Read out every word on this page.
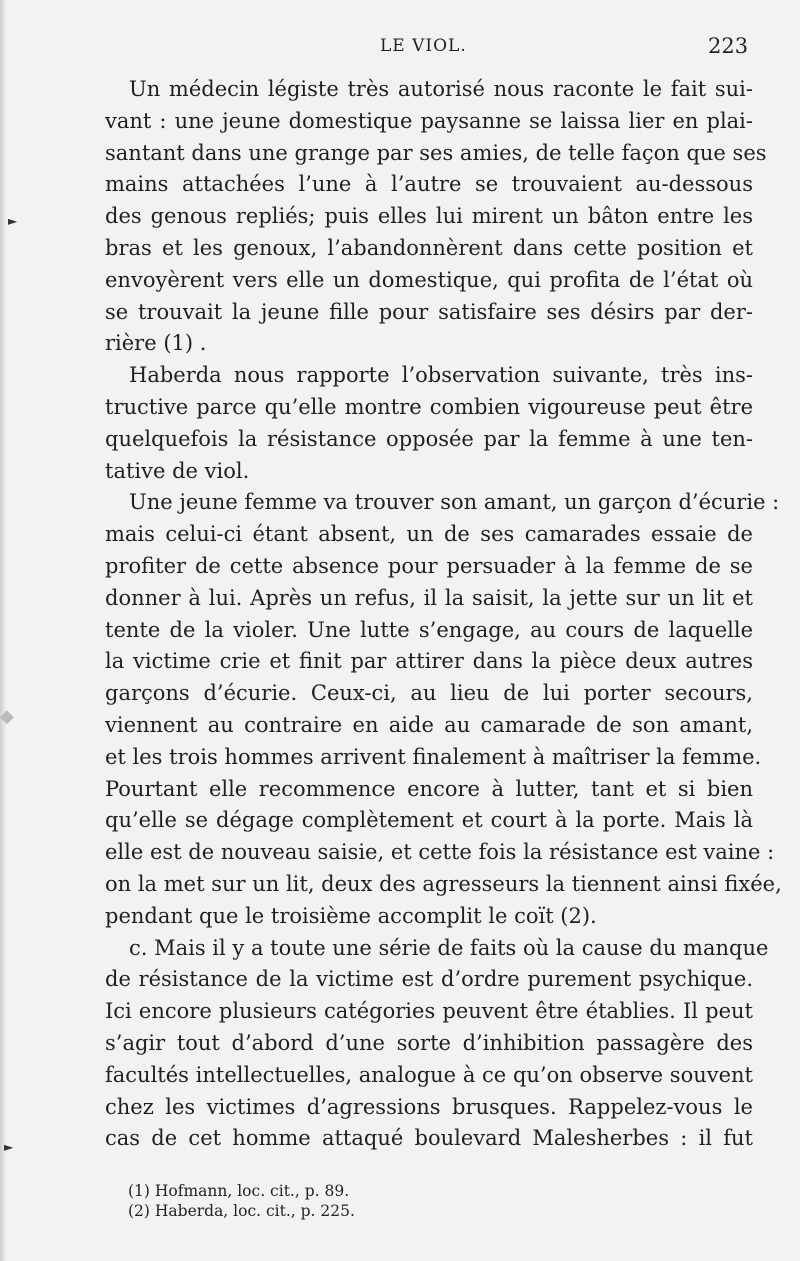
LE VIOL.	223
Un médecin légiste très autorisé nous raconte le fait sui-
vant : une jeune domestique paysanne se laissa lier en plai-
santant dans une grange par ses amies, de telle façon que ses
mains attachées l’une à l’autre se trouvaient au-dessous
des genous repliés; puis elles lui mirent un bâton entre les
bras et les genoux, l’abandonnèrent dans cette position et
envoyèrent vers elle un domestique, qui profita de l’état où
se trouvait la jeune fille pour satisfaire ses désirs par der-
rière (1) .
Haberda nous rapporte l’observation suivante, très ins-
tructive parce qu’elle montre combien vigoureuse peut être
quelquefois la résistance opposée par la femme à une ten-
tative de viol.
Une jeune femme va trouver son amant, un garçon d’écurie :
mais celui-ci étant absent, un de ses camarades essaie de
profiter de cette absence pour persuader à la femme de se
donner à lui. Après un refus, il la saisit, la jette sur un lit et
tente de la violer. Une lutte s’engage, au cours de laquelle
la victime crie et finit par attirer dans la pièce deux autres
garçons d’écurie. Ceux-ci, au lieu de lui porter secours,
viennent au contraire en aide au camarade de son amant,
et les trois hommes arrivent finalement à maîtriser la femme.
Pourtant elle recommence encore à lutter, tant et si bien
qu’elle se dégage complètement et court à la porte. Mais là
elle est de nouveau saisie, et cette fois la résistance est vaine :
on la met sur un lit, deux des agresseurs la tiennent ainsi fixée,
pendant que le troisième accomplit le coït (2).
c. Mais il y a toute une série de faits où la cause du manque
de résistance de la victime est d’ordre purement psychique.
Ici encore plusieurs catégories peuvent être établies. Il peut
s’agir tout d’abord d’une sorte d’inhibition passagère des
facultés intellectuelles, analogue à ce qu’on observe souvent
chez les victimes d’agressions brusques. Rappelez-vous le
cas de cet homme attaqué boulevard Malesherbes : il fut
(1) Hofmann, loc. cit., p. 89.
(2) Haberda, loc. cit., p. 225.
►
◆
►
